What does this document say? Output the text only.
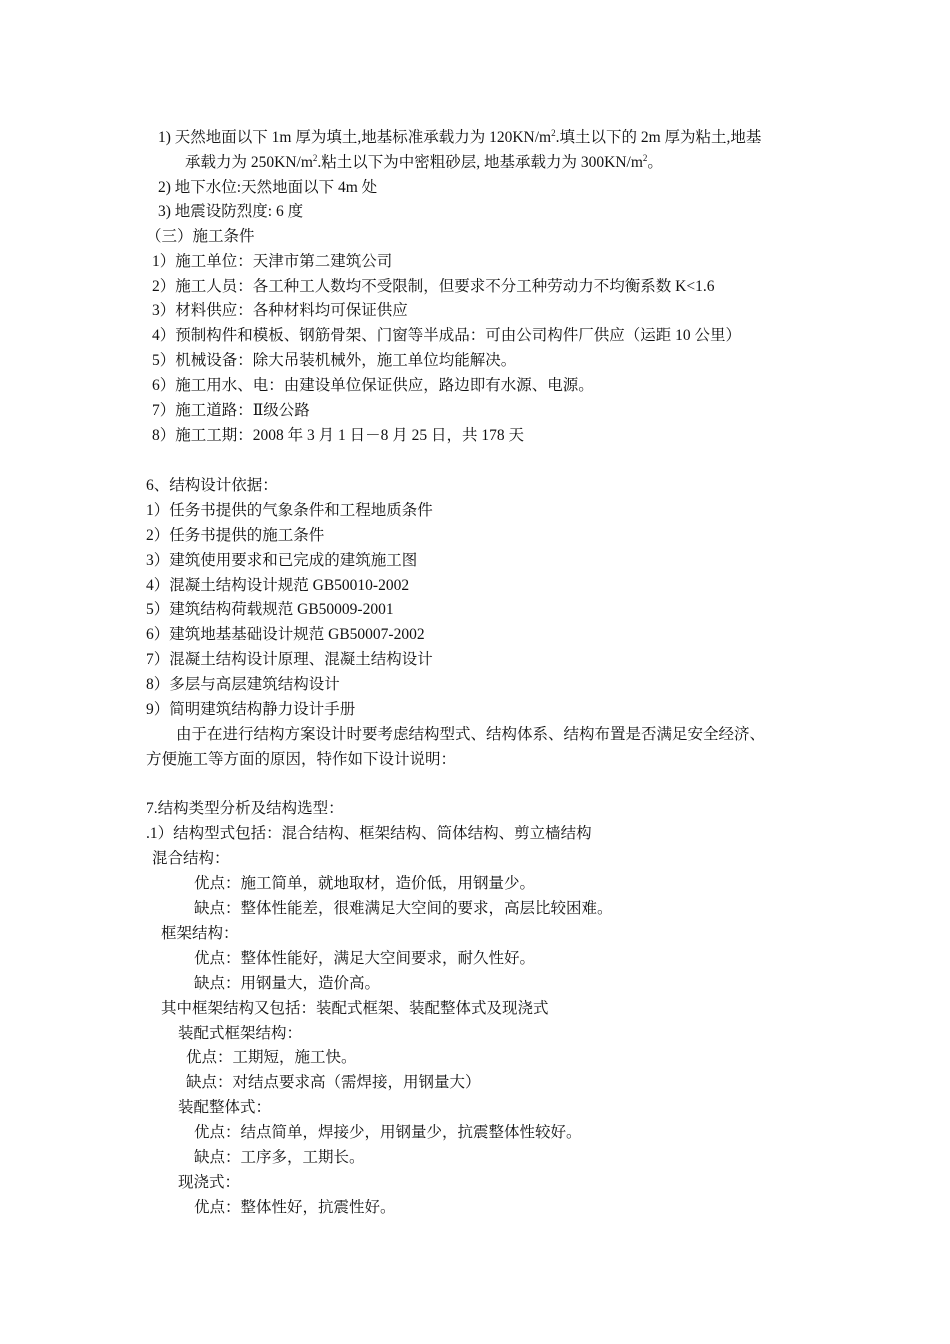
1) 天然地面以下 1m 厚为填土,地基标准承载力为 $120KN/m^2$.填土以下的 2m 厚为粘土,地基
承载力为 $250KN/m^2$.粘土以下为中密粗砂层, 地基承载力为 $300KN/m^2$。
2) 地下水位:天然地面以下 4m 处
3) 地震设防烈度: 6 度
（三）施工条件
1）施工单位：天津市第二建筑公司
2）施工人员：各工种工人数均不受限制，但要求不分工种劳动力不均衡系数 K<1.6
3）材料供应：各种材料均可保证供应
4）预制构件和模板、钢筋骨架、门窗等半成品：可由公司构件厂供应（运距 10 公里）
5）机械设备：除大吊装机械外，施工单位均能解决。
6）施工用水、电：由建设单位保证供应，路边即有水源、电源。
7）施工道路：Ⅱ级公路
8）施工工期：2008 年 3 月 1 日－8 月 25 日，共 178 天
6、结构设计依据：
1）任务书提供的气象条件和工程地质条件
2）任务书提供的施工条件
3）建筑使用要求和已完成的建筑施工图
4）混凝土结构设计规范 GB50010-2002
5）建筑结构荷载规范 GB50009-2001
6）建筑地基基础设计规范 GB50007-2002
7）混凝土结构设计原理、混凝土结构设计
8）多层与高层建筑结构设计
9）简明建筑结构静力设计手册
由于在进行结构方案设计时要考虑结构型式、结构体系、结构布置是否满足安全经济、
方便施工等方面的原因，特作如下设计说明：
7.结构类型分析及结构选型：
.1）结构型式包括：混合结构、框架结构、筒体结构、剪立樯结构
混合结构：
优点：施工简单，就地取材，造价低，用钢量少。
缺点：整体性能差，很难满足大空间的要求，高层比较困难。
框架结构：
优点：整体性能好，满足大空间要求，耐久性好。
缺点：用钢量大，造价高。
其中框架结构又包括：装配式框架、装配整体式及现浇式
装配式框架结构：
优点：工期短，施工快。
缺点：对结点要求高（需焊接，用钢量大）
装配整体式：
优点：结点简单，焊接少，用钢量少，抗震整体性较好。
缺点：工序多，工期长。
现浇式：
优点：整体性好，抗震性好。
